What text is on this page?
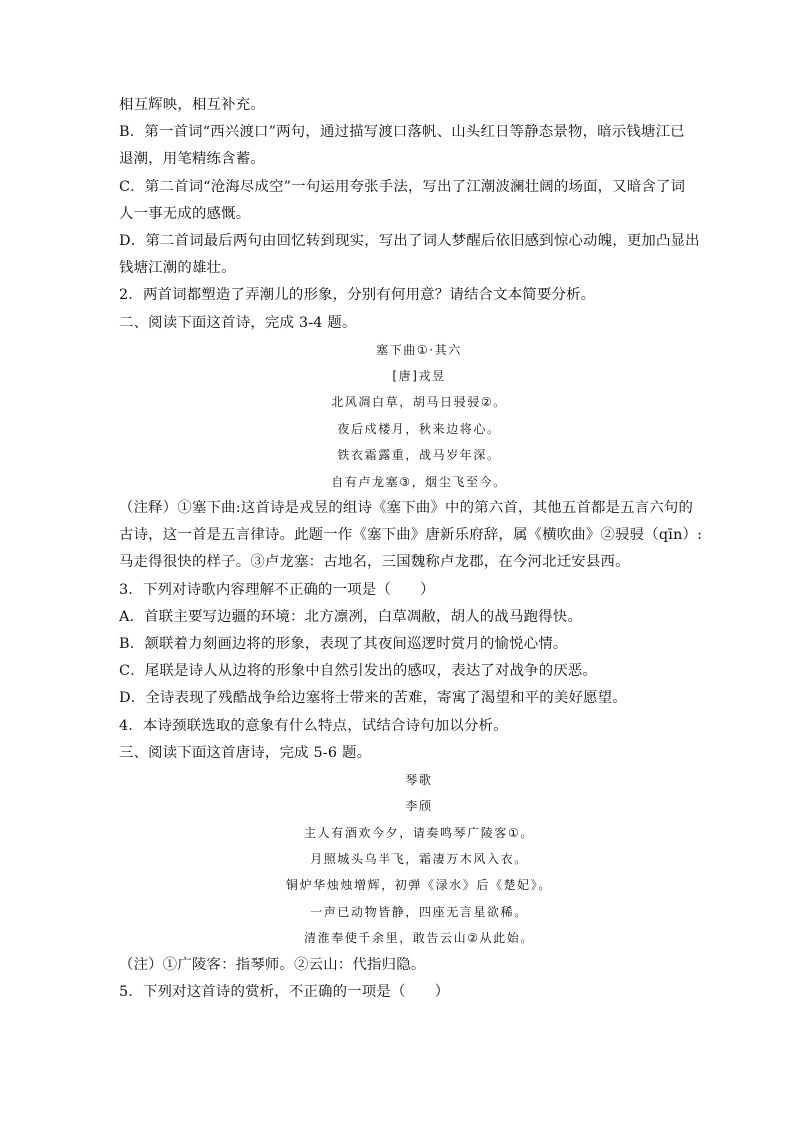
相互辉映，相互补充。
B．第一首词“西兴渡口”两句，通过描写渡口落帆、山头红日等静态景物，暗示钱塘江已
退潮，用笔精练含蓄。
C．第二首词“沧海尽成空”一句运用夸张手法，写出了江潮波澜壮阔的场面，又暗含了词
人一事无成的感慨。
D．第二首词最后两句由回忆转到现实，写出了词人梦醒后依旧感到惊心动魄，更加凸显出
钱塘江潮的雄壮。
2．两首词都塑造了弄潮儿的形象，分别有何用意？请结合文本简要分析。
二、阅读下面这首诗，完成 3-4 题。
塞下曲①·其六
[唐]戎昱
北风凋白草，胡马日骎骎②。
夜后戍楼月，秋来边将心。
铁衣霜露重，战马岁年深。
自有卢龙塞③，烟尘飞至今。
（注释）①塞下曲:这首诗是戎昱的组诗《塞下曲》中的第六首，其他五首都是五言六句的
古诗，这一首是五言律诗。此题一作《塞下曲》唐新乐府辞，属《横吹曲》②骎骎（qīn）:
马走得很快的样子。③卢龙塞：古地名，三国魏称卢龙郡，在今河北迁安县西。
3．下列对诗歌内容理解不正确的一项是（　　）
A．首联主要写边疆的环境：北方凛冽，白草凋敝，胡人的战马跑得快。
B．颔联着力刻画边将的形象，表现了其夜间巡逻时赏月的愉悦心情。
C．尾联是诗人从边将的形象中自然引发出的感叹，表达了对战争的厌恶。
D．全诗表现了残酷战争给边塞将士带来的苦难，寄寓了渴望和平的美好愿望。
4．本诗颈联选取的意象有什么特点，试结合诗句加以分析。
三、阅读下面这首唐诗，完成 5-6 题。
琴歌
李颀
主人有酒欢今夕，请奏鸣琴广陵客①。
月照城头乌半飞，霜凄万木风入衣。
铜炉华烛烛增辉，初弹《渌水》后《楚妃》。
一声已动物皆静，四座无言星欲稀。
清淮奉使千余里，敢告云山②从此始。
（注）①广陵客：指琴师。②云山：代指归隐。
5．下列对这首诗的赏析，不正确的一项是（　　）
